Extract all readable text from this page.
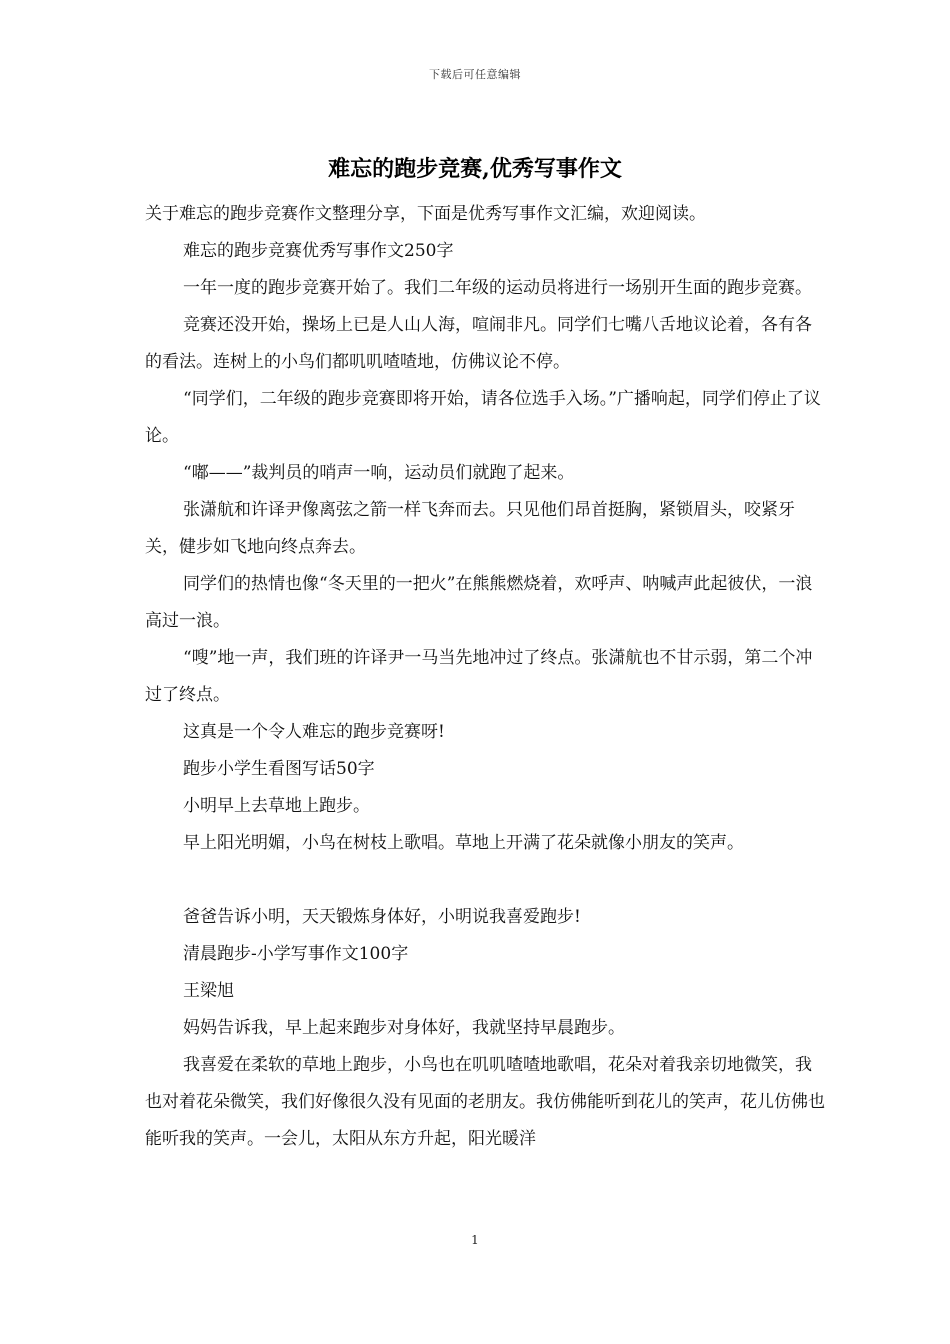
下载后可任意编辑
难忘的跑步竞赛,优秀写事作文

关于难忘的跑步竞赛作文整理分享，下面是优秀写事作文汇编，欢迎阅读。

难忘的跑步竞赛优秀写事作文250字

一年一度的跑步竞赛开始了。我们二年级的运动员将进行一场别开生面的跑步竞赛。

竞赛还没开始，操场上已是人山人海，喧闹非凡。同学们七嘴八舌地议论着，各有各的看法。连树上的小鸟们都叽叽喳喳地，仿佛议论不停。

“同学们，二年级的跑步竞赛即将开始，请各位选手入场。”广播响起，同学们停止了议论。

“嘟——”裁判员的哨声一响，运动员们就跑了起来。

张潇航和许译尹像离弦之箭一样飞奔而去。只见他们昂首挺胸，紧锁眉头，咬紧牙关，健步如飞地向终点奔去。

同学们的热情也像“冬天里的一把火”在熊熊燃烧着，欢呼声、呐喊声此起彼伏，一浪高过一浪。

“嗖”地一声，我们班的许译尹一马当先地冲过了终点。张潇航也不甘示弱，第二个冲过了终点。

这真是一个令人难忘的跑步竞赛呀!

跑步小学生看图写话50字

小明早上去草地上跑步。

早上阳光明媚，小鸟在树枝上歌唱。草地上开满了花朵就像小朋友的笑声。

爸爸告诉小明，天天锻炼身体好，小明说我喜爱跑步!

清晨跑步-小学写事作文100字

王梁旭

妈妈告诉我，早上起来跑步对身体好，我就坚持早晨跑步。

我喜爱在柔软的草地上跑步，小鸟也在叽叽喳喳地歌唱，花朵对着我亲切地微笑，我也对着花朵微笑，我们好像很久没有见面的老朋友。我仿佛能听到花儿的笑声，花儿仿佛也能听我的笑声。一会儿，太阳从东方升起，阳光暖洋

1
